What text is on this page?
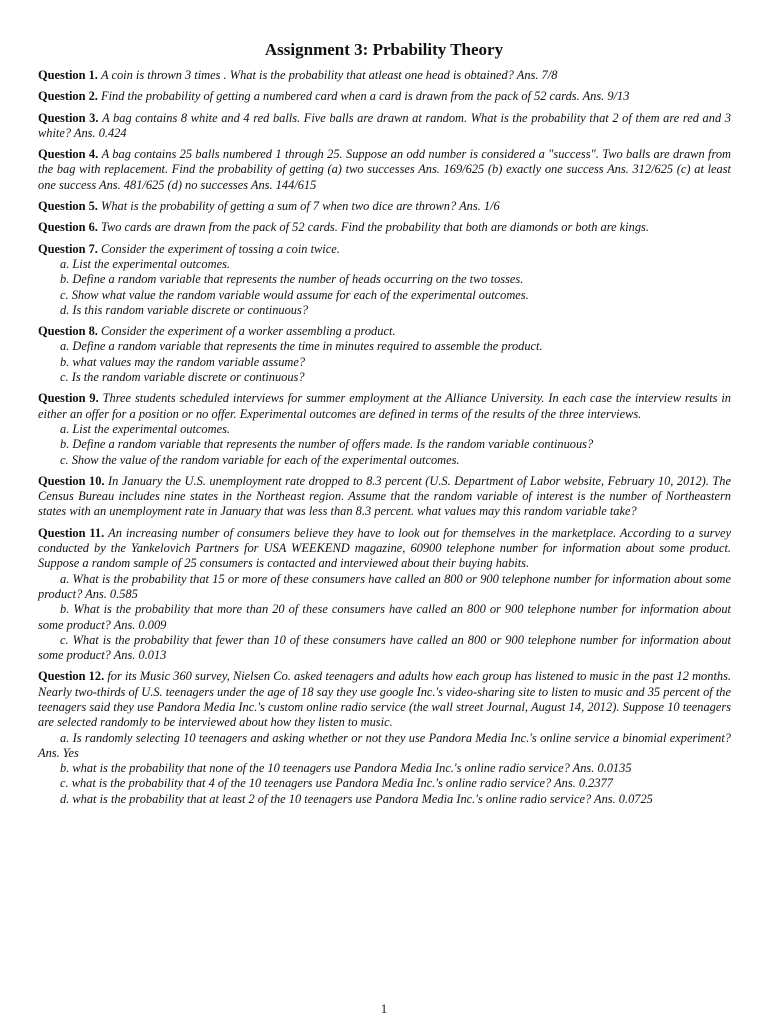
Assignment 3: Prbability Theory
Question 1. A coin is thrown 3 times . What is the probability that atleast one head is obtained? Ans. 7/8
Question 2. Find the probability of getting a numbered card when a card is drawn from the pack of 52 cards. Ans. 9/13
Question 3. A bag contains 8 white and 4 red balls. Five balls are drawn at random. What is the probability that 2 of them are red and 3 white? Ans. 0.424
Question 4. A bag contains 25 balls numbered 1 through 25. Suppose an odd number is considered a "success". Two balls are drawn from the bag with replacement. Find the probability of getting (a) two successes Ans. 169/625 (b) exactly one success Ans. 312/625 (c) at least one success Ans. 481/625 (d) no successes Ans. 144/615
Question 5. What is the probability of getting a sum of 7 when two dice are thrown? Ans. 1/6
Question 6. Two cards are drawn from the pack of 52 cards. Find the probability that both are diamonds or both are kings.
Question 7. Consider the experiment of tossing a coin twice.
a. List the experimental outcomes.
b. Define a random variable that represents the number of heads occurring on the two tosses.
c. Show what value the random variable would assume for each of the experimental outcomes.
d. Is this random variable discrete or continuous?
Question 8. Consider the experiment of a worker assembling a product.
a. Define a random variable that represents the time in minutes required to assemble the product.
b. what values may the random variable assume?
c. Is the random variable discrete or continuous?
Question 9. Three students scheduled interviews for summer employment at the Alliance University. In each case the interview results in either an offer for a position or no offer. Experimental outcomes are defined in terms of the results of the three interviews.
a. List the experimental outcomes.
b. Define a random variable that represents the number of offers made. Is the random variable continuous?
c. Show the value of the random variable for each of the experimental outcomes.
Question 10. In January the U.S. unemployment rate dropped to 8.3 percent (U.S. Department of Labor website, February 10, 2012). The Census Bureau includes nine states in the Northeast region. Assume that the random variable of interest is the number of Northeastern states with an unemployment rate in January that was less than 8.3 percent. what values may this random variable take?
Question 11. An increasing number of consumers believe they have to look out for themselves in the marketplace. According to a survey conducted by the Yankelovich Partners for USA WEEKEND magazine, 60900 telephone number for information about some product. Suppose a random sample of 25 consumers is contacted and interviewed about their buying habits.
a. What is the probability that 15 or more of these consumers have called an 800 or 900 telephone number for information about some product? Ans. 0.585
b. What is the probability that more than 20 of these consumers have called an 800 or 900 telephone number for information about some product? Ans. 0.009
c. What is the probability that fewer than 10 of these consumers have called an 800 or 900 telephone number for information about some product? Ans. 0.013
Question 12. for its Music 360 survey, Nielsen Co. asked teenagers and adults how each group has listened to music in the past 12 months. Nearly two-thirds of U.S. teenagers under the age of 18 say they use google Inc.'s video-sharing site to listen to music and 35 percent of the teenagers said they use Pandora Media Inc.'s custom online radio service (the wall street Journal, August 14, 2012). Suppose 10 teenagers are selected randomly to be interviewed about how they listen to music.
a. Is randomly selecting 10 teenagers and asking whether or not they use Pandora Media Inc.'s online service a binomial experiment? Ans. Yes
b. what is the probability that none of the 10 teenagers use Pandora Media Inc.'s online radio service? Ans. 0.0135
c. what is the probability that 4 of the 10 teenagers use Pandora Media Inc.'s online radio service? Ans. 0.2377
d. what is the probability that at least 2 of the 10 teenagers use Pandora Media Inc.'s online radio service? Ans. 0.0725
1
